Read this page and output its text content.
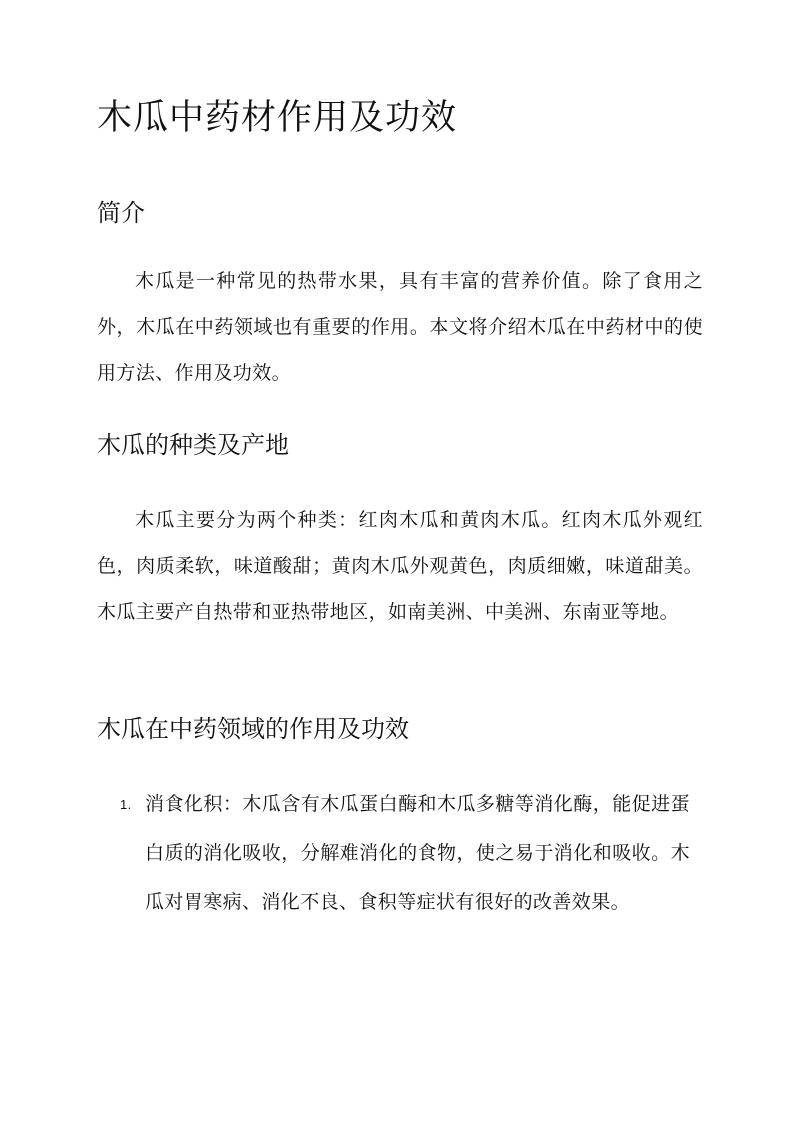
木瓜中药材作用及功效
简介

木瓜是一种常见的热带水果，具有丰富的营养价值。除了食用之外，木瓜在中药领域也有重要的作用。本文将介绍木瓜在中药材中的使用方法、作用及功效。

木瓜的种类及产地

木瓜主要分为两个种类：红肉木瓜和黄肉木瓜。红肉木瓜外观红色，肉质柔软，味道酸甜；黄肉木瓜外观黄色，肉质细嫩，味道甜美。木瓜主要产自热带和亚热带地区，如南美洲、中美洲、东南亚等地。

木瓜在中药领域的作用及功效
1. 消食化积：木瓜含有木瓜蛋白酶和木瓜多糖等消化酶，能促进蛋白质的消化吸收，分解难消化的食物，使之易于消化和吸收。木瓜对胃寒病、消化不良、食积等症状有很好的改善效果。
